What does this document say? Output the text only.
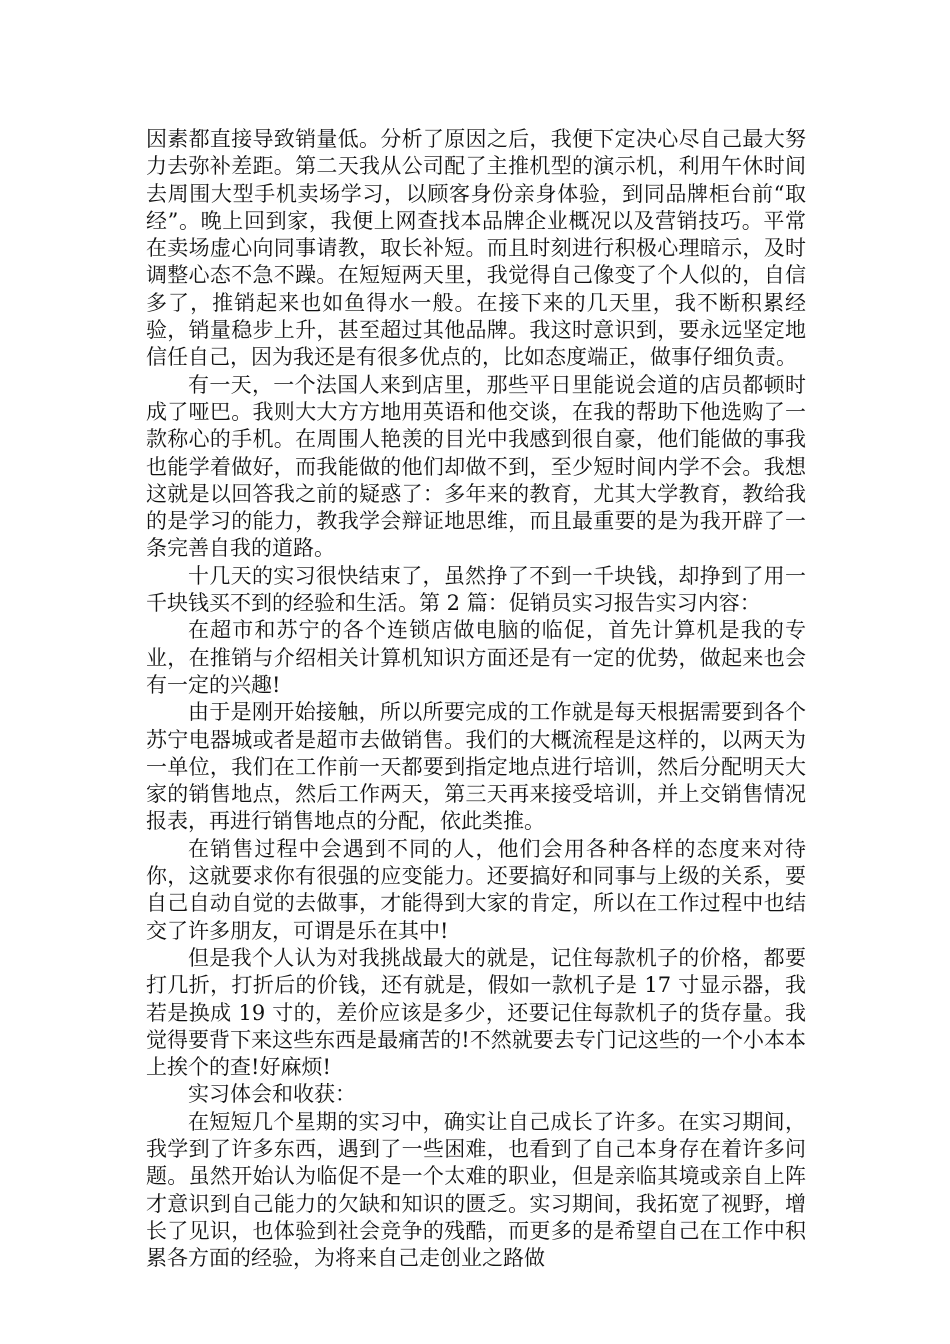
因素都直接导致销量低。分析了原因之后，我便下定决心尽自己最大努力去弥补差距。第二天我从公司配了主推机型的演示机，利用午休时间去周围大型手机卖场学习，以顾客身份亲身体验，到同品牌柜台前“取经”。晚上回到家，我便上网查找本品牌企业概况以及营销技巧。平常在卖场虚心向同事请教，取长补短。而且时刻进行积极心理暗示，及时调整心态不急不躁。在短短两天里，我觉得自己像变了个人似的，自信多了，推销起来也如鱼得水一般。在接下来的几天里，我不断积累经验，销量稳步上升，甚至超过其他品牌。我这时意识到，要永远坚定地信任自己，因为我还是有很多优点的，比如态度端正，做事仔细负责。

有一天，一个法国人来到店里，那些平日里能说会道的店员都顿时成了哑巴。我则大大方方地用英语和他交谈，在我的帮助下他选购了一款称心的手机。在周围人艳羡的目光中我感到很自豪，他们能做的事我也能学着做好，而我能做的他们却做不到，至少短时间内学不会。我想这就是以回答我之前的疑惑了：多年来的教育，尤其大学教育，教给我的是学习的能力，教我学会辩证地思维，而且最重要的是为我开辟了一条完善自我的道路。

十几天的实习很快结束了，虽然挣了不到一千块钱，却挣到了用一千块钱买不到的经验和生活。第 2 篇：促销员实习报告实习内容：

在超市和苏宁的各个连锁店做电脑的临促，首先计算机是我的专业，在推销与介绍相关计算机知识方面还是有一定的优势，做起来也会有一定的兴趣!

由于是刚开始接触，所以所要完成的工作就是每天根据需要到各个苏宁电器城或者是超市去做销售。我们的大概流程是这样的，以两天为一单位，我们在工作前一天都要到指定地点进行培训，然后分配明天大家的销售地点，然后工作两天，第三天再来接受培训，并上交销售情况报表，再进行销售地点的分配，依此类推。

在销售过程中会遇到不同的人，他们会用各种各样的态度来对待你，这就要求你有很强的应变能力。还要搞好和同事与上级的关系，要自己自动自觉的去做事，才能得到大家的肯定，所以在工作过程中也结交了许多朋友，可谓是乐在其中!

但是我个人认为对我挑战最大的就是，记住每款机子的价格，都要打几折，打折后的价钱，还有就是，假如一款机子是 17 寸显示器，我若是换成 19 寸的，差价应该是多少，还要记住每款机子的货存量。我觉得要背下来这些东西是最痛苦的!不然就要去专门记这些的一个小本本上挨个的查!好麻烦!

实习体会和收获：

在短短几个星期的实习中，确实让自己成长了许多。在实习期间，我学到了许多东西，遇到了一些困难，也看到了自己本身存在着许多问题。虽然开始认为临促不是一个太难的职业，但是亲临其境或亲自上阵才意识到自己能力的欠缺和知识的匮乏。实习期间，我拓宽了视野，增长了见识，也体验到社会竞争的残酷，而更多的是希望自己在工作中积累各方面的经验，为将来自己走创业之路做
